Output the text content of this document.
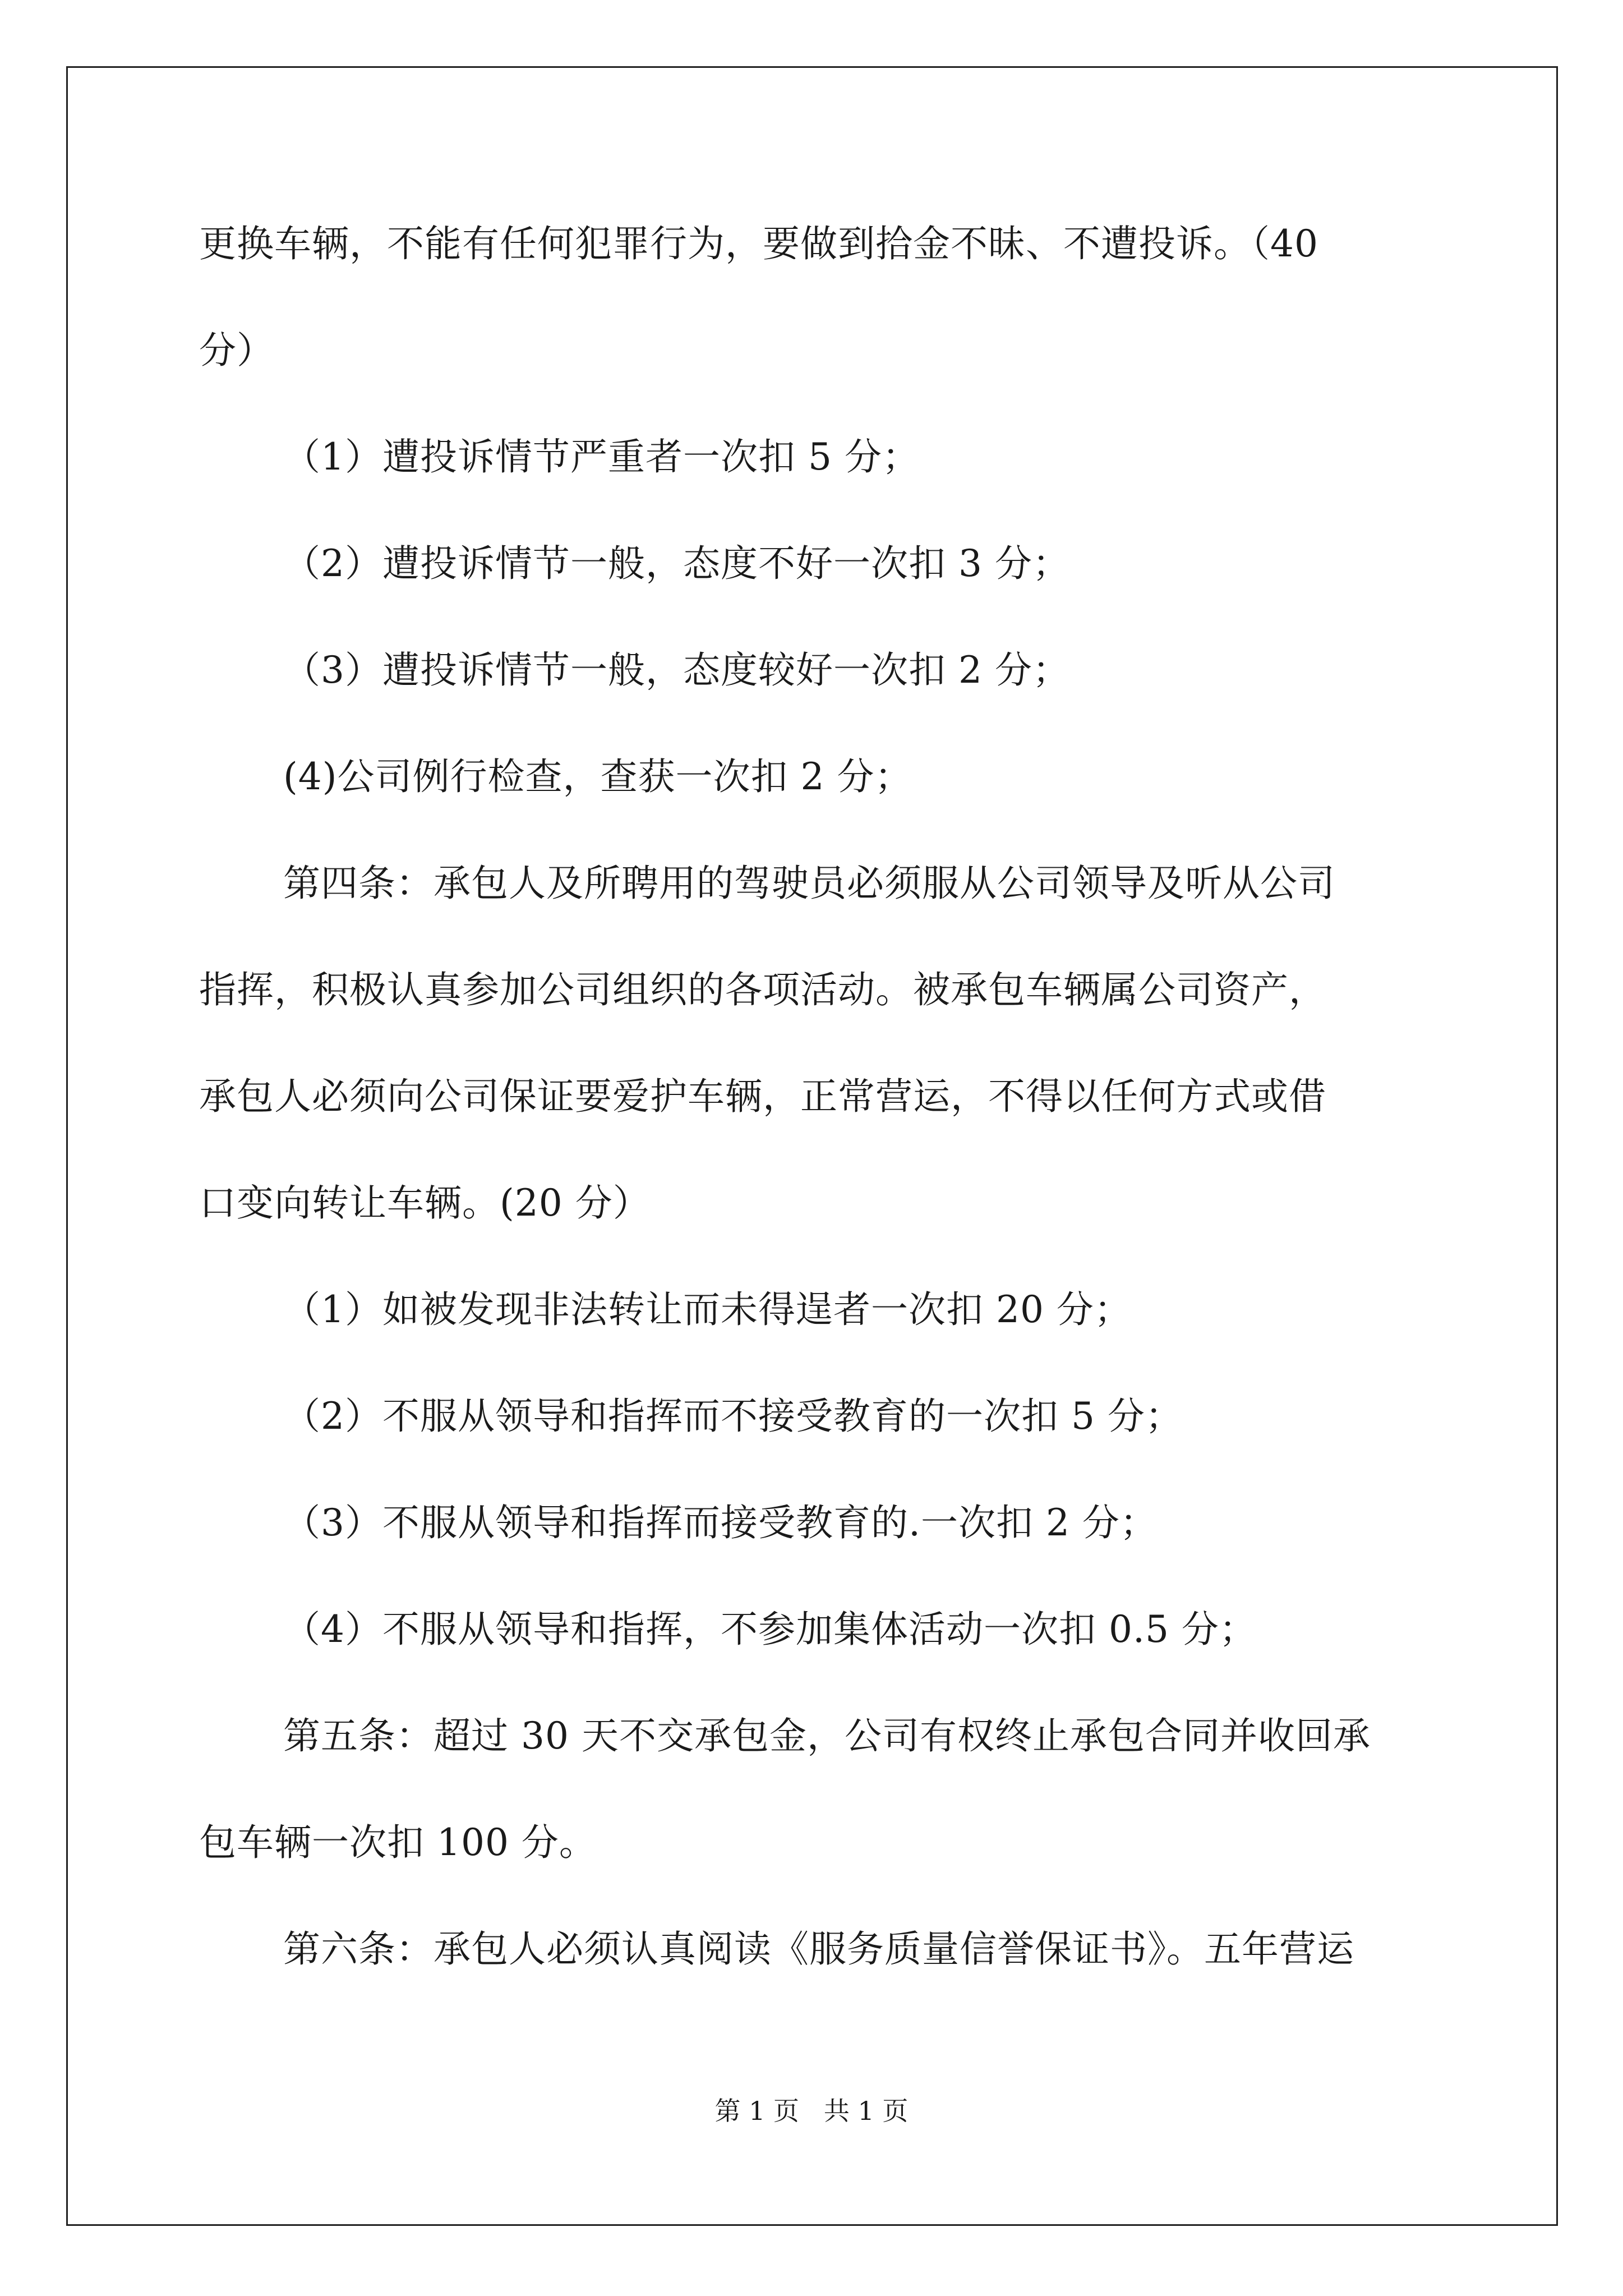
更换车辆，不能有任何犯罪行为，要做到拾金不昧、不遭投诉。（40
分）
（1）遭投诉情节严重者一次扣 5 分；
（2）遭投诉情节一般，态度不好一次扣 3 分；
（3）遭投诉情节一般，态度较好一次扣 2 分；
(4)公司例行检查，查获一次扣 2 分；
第四条：承包人及所聘用的驾驶员必须服从公司领导及听从公司
指挥，积极认真参加公司组织的各项活动。被承包车辆属公司资产，
承包人必须向公司保证要爱护车辆，正常营运，不得以任何方式或借
口变向转让车辆。(20 分）
（1）如被发现非法转让而未得逞者一次扣 20 分；
（2）不服从领导和指挥而不接受教育的一次扣 5 分；
（3）不服从领导和指挥而接受教育的.一次扣 2 分；
（4）不服从领导和指挥，不参加集体活动一次扣 0.5 分；
第五条：超过 30 天不交承包金，公司有权终止承包合同并收回承
包车辆一次扣 100 分。
第六条：承包人必须认真阅读《服务质量信誉保证书》。五年营运
第 1 页   共 1 页
